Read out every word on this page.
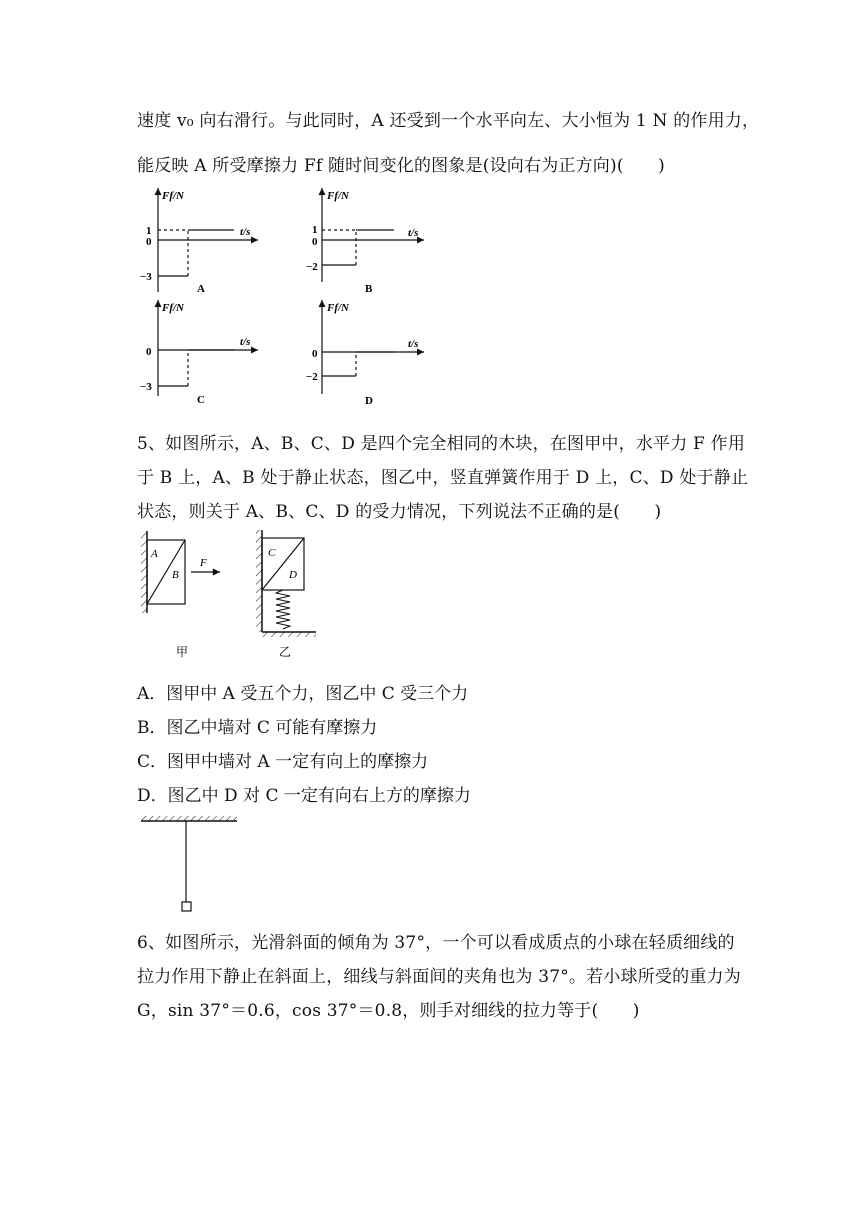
速度 v₀ 向右滑行。与此同时，A 还受到一个水平向左、大小恒为 1 N 的作用力，
能反映 A 所受摩擦力 Ff 随时间变化的图象是(设向右为正方向)(　　)
Ff/N
t/s
1
0
−3
A
Ff/N
t/s
1
0
−2
B
Ff/N
t/s
0
−3
C
Ff/N
t/s
0
−2
D
5、如图所示，A、B、C、D 是四个完全相同的木块，在图甲中，水平力 F 作用
于 B 上，A、B 处于静止状态，图乙中，竖直弹簧作用于 D 上，C、D 处于静止
状态，则关于 A、B、C、D 的受力情况，下列说法不正确的是(　　)
A
B
F
甲
C
D
乙
A．图甲中 A 受五个力，图乙中 C 受三个力
B．图乙中墙对 C 可能有摩擦力
C．图甲中墙对 A 一定有向上的摩擦力
D．图乙中 D 对 C 一定有向右上方的摩擦力
6、如图所示，光滑斜面的倾角为 37°，一个可以看成质点的小球在轻质细线的
拉力作用下静止在斜面上，细线与斜面间的夹角也为 37°。若小球所受的重力为
G，sin 37°＝0.6，cos 37°＝0.8，则手对细线的拉力等于(　　)
